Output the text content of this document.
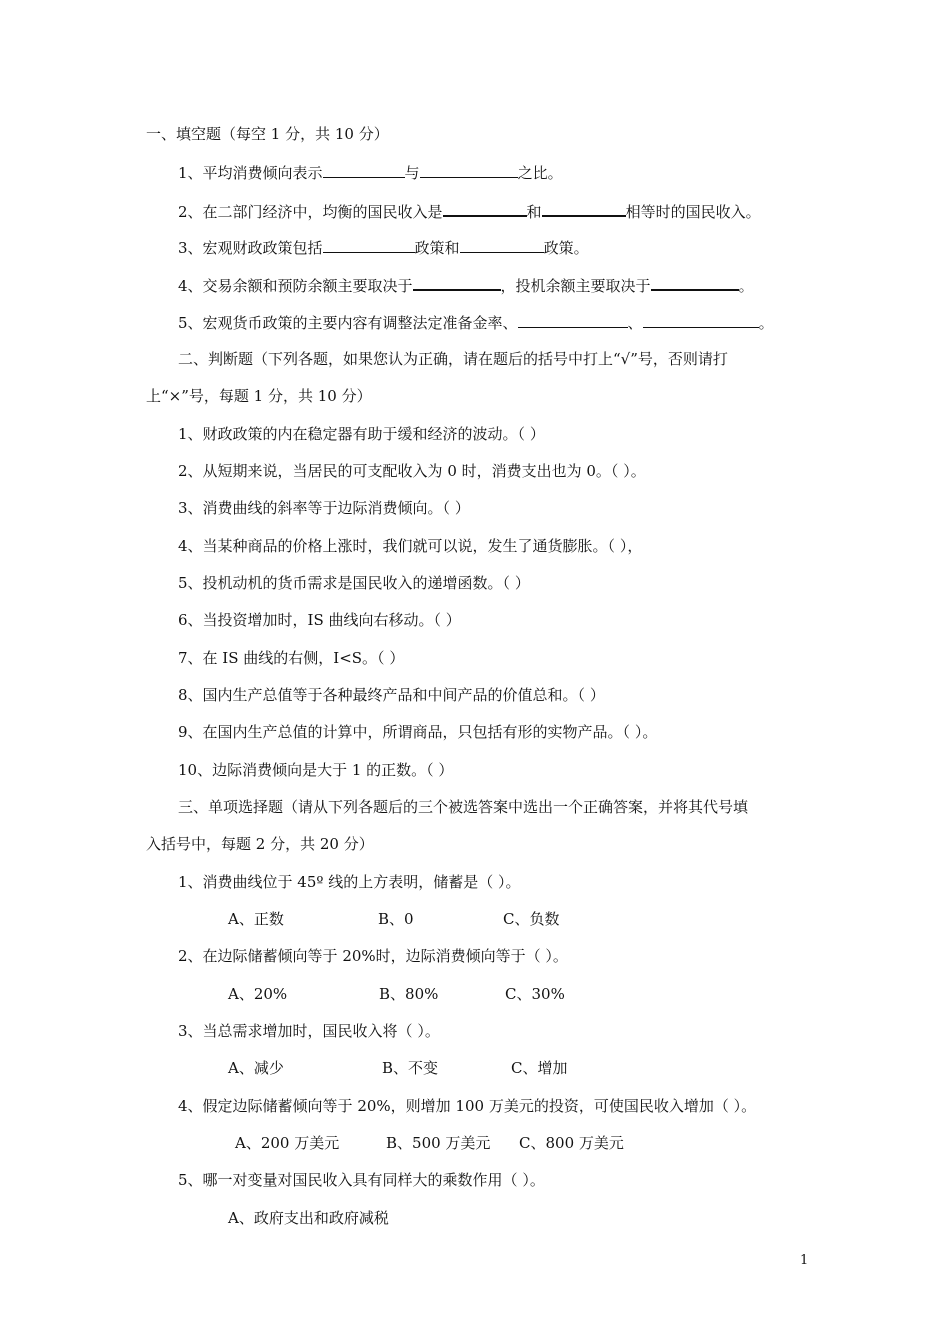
一、填空题（每空 1 分，共 10 分）
1、平均消费倾向表示	与	之比。
2、在二部门经济中，均衡的国民收入是	和	相等时的国民收入。
3、宏观财政政策包括	政策和	政策。
4、交易余额和预防余额主要取决于	，投机余额主要取决于	。
5、宏观货币政策的主要内容有调整法定准备金率、	、	。
二、判断题（下列各题，如果您认为正确，请在题后的括号中打上“√”号，否则请打
上“×”号，每题 1 分，共 10 分）
1、财政政策的内在稳定器有助于缓和经济的波动。（ ）
2、从短期来说，当居民的可支配收入为 0 时，消费支出也为 0。（ ）。
3、消费曲线的斜率等于边际消费倾向。（ ）
4、当某种商品的价格上涨时，我们就可以说，发生了通货膨胀。（ ），
5、投机动机的货币需求是国民收入的递增函数。（ ）
6、当投资增加时，IS 曲线向右移动。（ ）
7、在 IS 曲线的右侧，I<S。（ ）
8、国内生产总值等于各种最终产品和中间产品的价值总和。（ ）
9、在国内生产总值的计算中，所谓商品，只包括有形的实物产品。（ ）。
10、边际消费倾向是大于 1 的正数。（ ）
三、单项选择题（请从下列各题后的三个被选答案中选出一个正确答案，并将其代号填
入括号中，每题 2 分，共 20 分）
1、消费曲线位于 45º 线的上方表明，储蓄是（ ）。
A、正数	B、0	C、负数
2、在边际储蓄倾向等于 20%时，边际消费倾向等于（ ）。
A、20%	B、80%	C、30%
3、当总需求增加时，国民收入将（ ）。
A、减少	B、不变	C、增加
4、假定边际储蓄倾向等于 20%，则增加 100 万美元的投资，可使国民收入增加（ ）。
A、200 万美元	B、500 万美元 C、800 万美元
5、哪一对变量对国民收入具有同样大的乘数作用（ ）。
A、政府支出和政府减税
1
